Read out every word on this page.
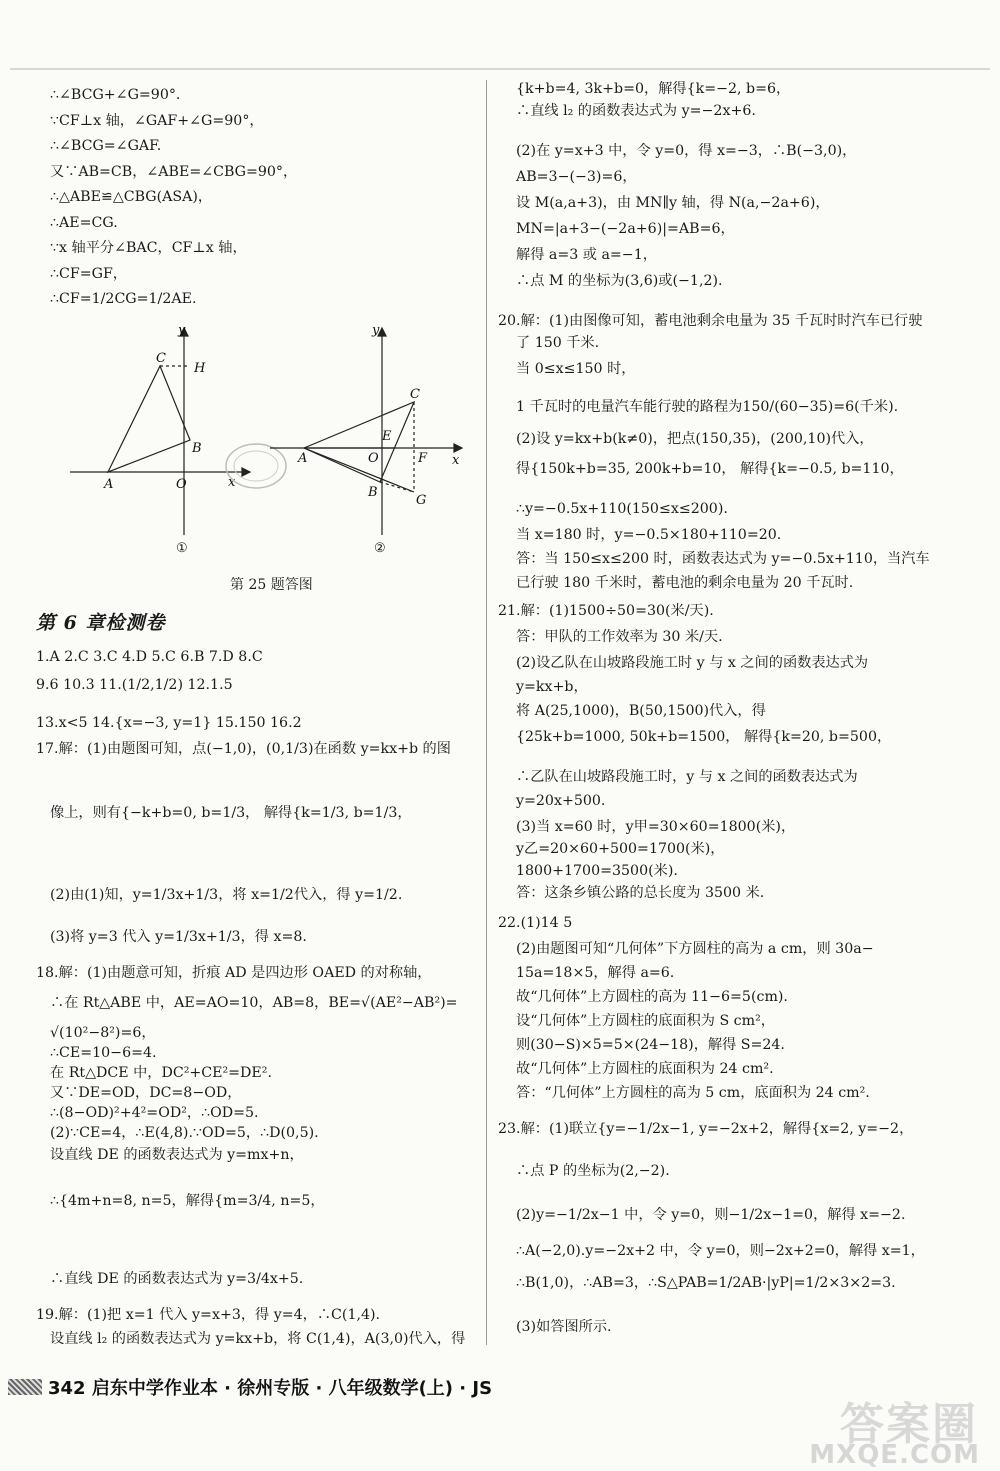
∴∠BCG+∠G=90°.
∵CF⊥x 轴，∠GAF+∠G=90°，
∴∠BCG=∠GAF.
又∵AB=CB，∠ABE=∠CBG=90°，
∴△ABE≌△CBG(ASA)，
∴AE=CG.
∵x 轴平分∠BAC，CF⊥x 轴，
∴CF=GF，
∴CF=1/2CG=1/2AE.
y
C
H
B
A	O	x
①
y
C
E
A	O	F x
B
G
②
第 25 题答图
第 6 章检测卷
1.A 2.C 3.C 4.D 5.C 6.B 7.D 8.C
9.6 10.3 11.(1/2,1/2) 12.1.5
13.x<5 14.{x=−3, y=1} 15.150 16.2
17.解：(1)由题图可知，点(−1,0)，(0,1/3)在函数 y=kx+b 的图
像上，则有{−k+b=0, b=1/3， 解得{k=1/3, b=1/3，
(2)由(1)知，y=1/3x+1/3，将 x=1/2代入，得 y=1/2.
(3)将 y=3 代入 y=1/3x+1/3，得 x=8.
18.解：(1)由题意可知，折痕 AD 是四边形 OAED 的对称轴，
∴在 Rt△ABE 中，AE=AO=10，AB=8，BE=√(AE²−AB²)=
√(10²−8²)=6，
∴CE=10−6=4.
在 Rt△DCE 中，DC²+CE²=DE².
又∵DE=OD，DC=8−OD，
∴(8−OD)²+4²=OD²，∴OD=5.
(2)∵CE=4，∴E(4,8).∵OD=5，∴D(0,5).
设直线 DE 的函数表达式为 y=mx+n，
∴{4m+n=8, n=5，解得{m=3/4, n=5，
∴直线 DE 的函数表达式为 y=3/4x+5.
19.解：(1)把 x=1 代入 y=x+3，得 y=4，∴C(1,4).
设直线 l₂ 的函数表达式为 y=kx+b，将 C(1,4)，A(3,0)代入，得
{k+b=4, 3k+b=0，解得{k=−2, b=6，
∴直线 l₂ 的函数表达式为 y=−2x+6.
(2)在 y=x+3 中，令 y=0，得 x=−3，∴B(−3,0)，
AB=3−(−3)=6，
设 M(a,a+3)，由 MN∥y 轴，得 N(a,−2a+6)，
MN=|a+3−(−2a+6)|=AB=6，
解得 a=3 或 a=−1，
∴点 M 的坐标为(3,6)或(−1,2).
20.解：(1)由图像可知，蓄电池剩余电量为 35 千瓦时时汽车已行驶
了 150 千米.
当 0≤x≤150 时，
1 千瓦时的电量汽车能行驶的路程为150/(60−35)=6(千米).
(2)设 y=kx+b(k≠0)，把点(150,35)，(200,10)代入，
得{150k+b=35, 200k+b=10， 解得{k=−0.5, b=110，
∴y=−0.5x+110(150≤x≤200).
当 x=180 时，y=−0.5×180+110=20.
答：当 150≤x≤200 时，函数表达式为 y=−0.5x+110，当汽车
已行驶 180 千米时，蓄电池的剩余电量为 20 千瓦时.
21.解：(1)1500÷50=30(米/天).
答：甲队的工作效率为 30 米/天.
(2)设乙队在山坡路段施工时 y 与 x 之间的函数表达式为
y=kx+b，
将 A(25,1000)，B(50,1500)代入，得
{25k+b=1000, 50k+b=1500， 解得{k=20, b=500，
∴乙队在山坡路段施工时，y 与 x 之间的函数表达式为
y=20x+500.
(3)当 x=60 时，y甲=30×60=1800(米)，
y乙=20×60+500=1700(米)，
1800+1700=3500(米).
答：这条乡镇公路的总长度为 3500 米.
22.(1)14 5
(2)由题图可知“几何体”下方圆柱的高为 a cm，则 30a−
15a=18×5，解得 a=6.
故“几何体”上方圆柱的高为 11−6=5(cm).
设“几何体”上方圆柱的底面积为 S cm²，
则(30−S)×5=5×(24−18)，解得 S=24.
故“几何体”上方圆柱的底面积为 24 cm².
答：“几何体”上方圆柱的高为 5 cm，底面积为 24 cm².
23.解：(1)联立{y=−1/2x−1, y=−2x+2，解得{x=2, y=−2，
∴点 P 的坐标为(2,−2).
(2)y=−1/2x−1 中，令 y=0，则−1/2x−1=0，解得 x=−2.
∴A(−2,0).y=−2x+2 中，令 y=0，则−2x+2=0，解得 x=1，
∴B(1,0)，∴AB=3，∴S△PAB=1/2AB·|yP|=1/2×3×2=3.
(3)如答图所示.
342 启东中学作业本 · 徐州专版 · 八年级数学(上) · JS
答案圈
MXQE.COM
